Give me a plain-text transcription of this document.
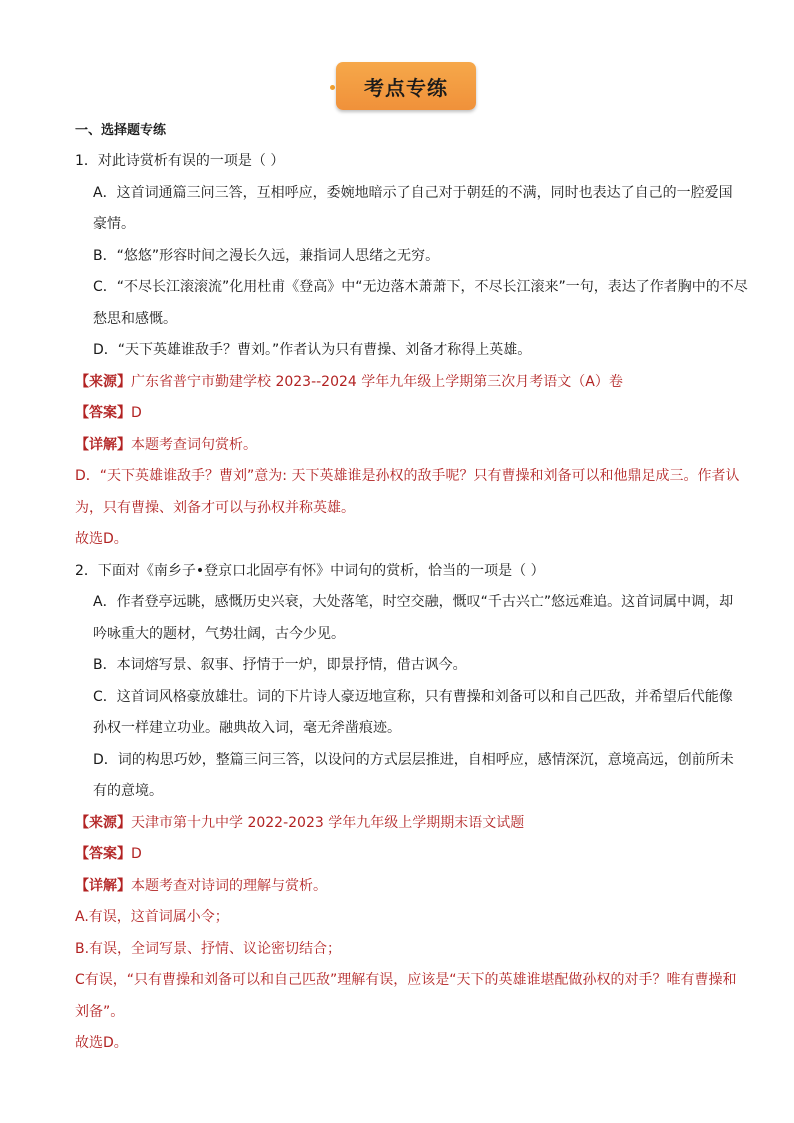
考点专练
一、选择题专练
1．对此诗赏析有误的一项是（ ）
A．这首词通篇三问三答，互相呼应，委婉地暗示了自己对于朝廷的不满，同时也表达了自己的一腔爱国
豪情。
B．“悠悠”形容时间之漫长久远，兼指词人思绪之无穷。
C．“不尽长江滚滚流”化用杜甫《登高》中“无边落木萧萧下，不尽长江滚来”一句，表达了作者胸中的不尽
愁思和感慨。
D．“天下英雄谁敌手？曹刘。”作者认为只有曹操、刘备才称得上英雄。
【来源】广东省普宁市勤建学校 2023--2024 学年九年级上学期第三次月考语文（A）卷
【答案】D
【详解】本题考查词句赏析。
D．“天下英雄谁敌手？曹刘”意为: 天下英雄谁是孙权的敌手呢？只有曹操和刘备可以和他鼎足成三。作者认
为，只有曹操、刘备才可以与孙权并称英雄。
故选D。
2．下面对《南乡子•登京口北固亭有怀》中词句的赏析，恰当的一项是（ ）
A．作者登亭远眺，感慨历史兴衰，大处落笔，时空交融，慨叹“千古兴亡”悠远难追。这首词属中调，却
吟咏重大的题材，气势壮阔，古今少见。
B．本词熔写景、叙事、抒情于一炉，即景抒情，借古讽今。
C．这首词风格豪放雄壮。词的下片诗人豪迈地宣称，只有曹操和刘备可以和自己匹敌，并希望后代能像
孙权一样建立功业。融典故入词，毫无斧凿痕迹。
D．词的构思巧妙，整篇三问三答，以设问的方式层层推进，自相呼应，感情深沉，意境高远，创前所未
有的意境。
【来源】天津市第十九中学 2022-2023 学年九年级上学期期末语文试题
【答案】D
【详解】本题考查对诗词的理解与赏析。
A.有误，这首词属小令；
B.有误，全词写景、抒情、议论密切结合；
C有误，“只有曹操和刘备可以和自己匹敌”理解有误，应该是“天下的英雄谁堪配做孙权的对手？唯有曹操和
刘备”。
故选D。
